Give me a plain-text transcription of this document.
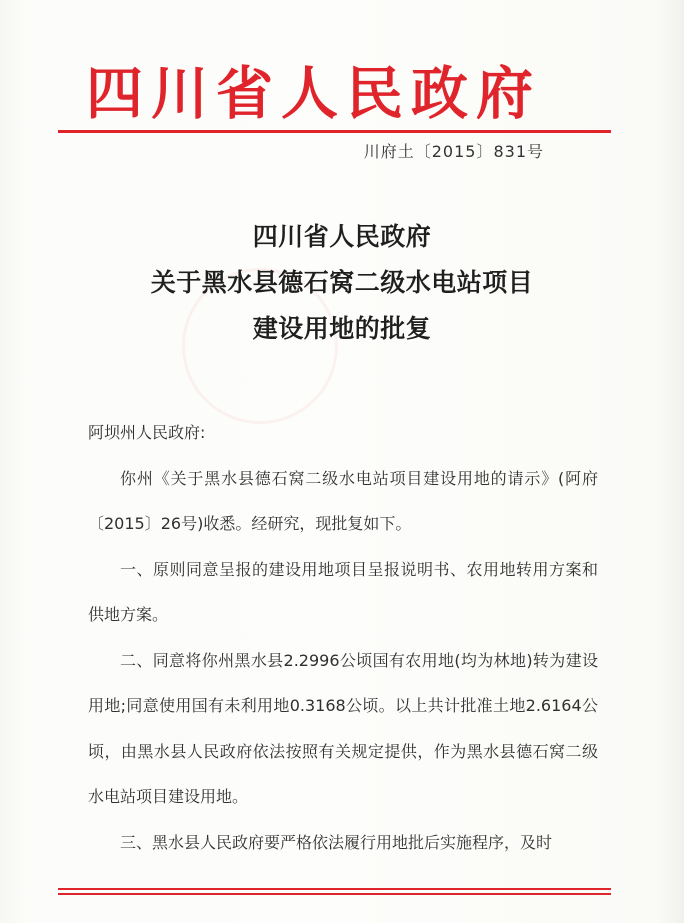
四川省人民政府
川府土〔2015〕831号
四川省人民政府
关于黑水县德石窝二级水电站项目
建设用地的批复

阿坝州人民政府:

你州《关于黑水县德石窝二级水电站项目建设用地的请示》(阿府〔2015〕26号)收悉。经研究，现批复如下。

一、原则同意呈报的建设用地项目呈报说明书、农用地转用方案和供地方案。

二、同意将你州黑水县2.2996公顷国有农用地(均为林地)转为建设用地;同意使用国有未利用地0.3168公顷。以上共计批准土地2.6164公顷，由黑水县人民政府依法按照有关规定提供，作为黑水县德石窝二级水电站项目建设用地。

三、黑水县人民政府要严格依法履行用地批后实施程序，及时
